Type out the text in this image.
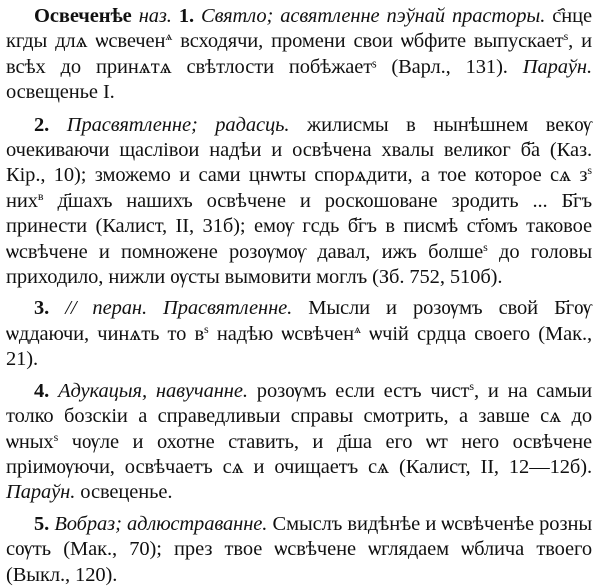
Освеченѣе наз. 1. Святло; асвятленне пэўнай прасторы. с҄нце кгды длѧ ѡсвечен$^ѧ$ всходячи, промени свои ѡбфите выпускает$^s$, и всѣх до принѧтѧ свѣтлости побѣжаетˢ (Варл., 131). Параўн. освещенье I.

2. Прасвятленне; радасць. жилисмы в нынѣшнем векѹ очекиваючи щаслівои надѣи и освѣчена хвалы великог б҃а (Каз. Кір., 10); зможемо и сами цнѡты спорѧдити, а тое которое сѧ $з^s$ них$^в$ д҃шахъ нашихъ освѣчене и роскошоване зродить ... Б҃гъ принести (Калист, II, 31б); емѹ гсдь б҃гъ в писмѣ ст҃омъ таковое ѡсвѣчене и помножене розѹмѹ давал, ижъ болше$^s$ до головы приходило, нижли ѹсты вымовити моглъ (Зб. 752, 510б).

3. // перан. Прасвятленне. Мысли и розѹмъ свой Б҃гѹ ѡддаючи, чинѧть то $в^s$ надѣю ѡсвѣчен$^ѧ$ ѡчій срдца своего (Мак., 21).

4. Адукацыя, навучанне. розѹмъ если естъ чист$^s$, и на самыи толко бозскіи а справедливыи справы смотрить, а завше сѧ до ѡных$^s$ чѹле и охотне ставить, и д҃ша его ѡт него освѣчене пріимѹючи, освѣчаетъ сѧ и очищаетъ сѧ (Калист, II, 12—12б). Параўн. освеценье.

5. Вобраз; адлюстраванне. Смыслъ видѣнѣе и ѡсвѣченѣе розны сѹть (Мак., 70); през твое ѡсвѣчене ѡглядаем ѡблича твоего (Выкл., 120).
